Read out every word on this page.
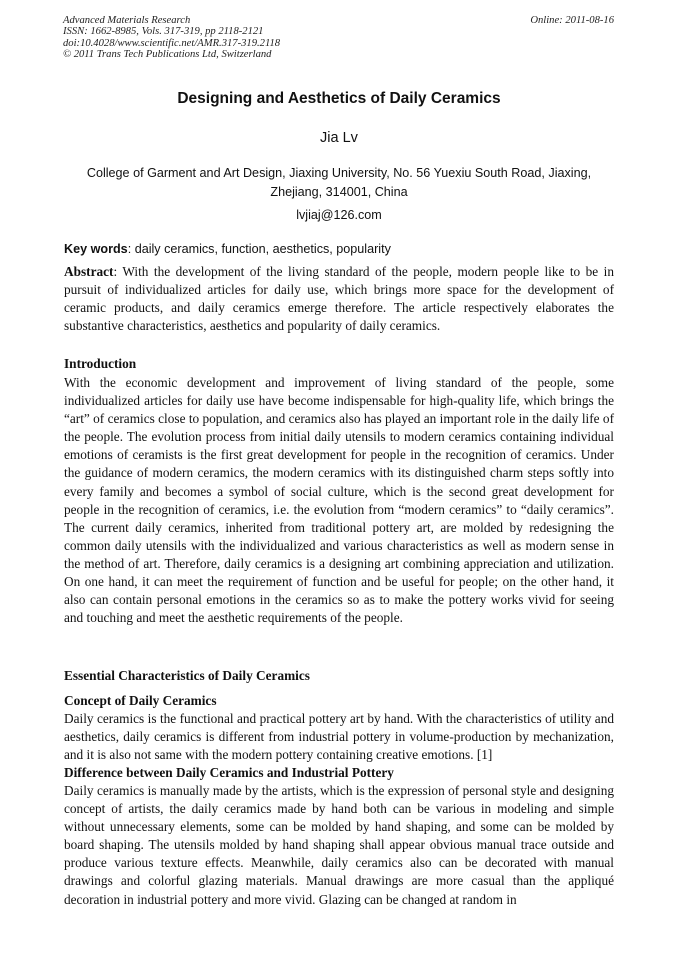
Advanced Materials Research
ISSN: 1662-8985, Vols. 317-319, pp 2118-2121
doi:10.4028/www.scientific.net/AMR.317-319.2118
© 2011 Trans Tech Publications Ltd, Switzerland
Online: 2011-08-16
Designing and Aesthetics of Daily Ceramics
Jia Lv
College of Garment and Art Design, Jiaxing University, No. 56 Yuexiu South Road, Jiaxing, Zhejiang, 314001, China
lvjiaj@126.com
Key words: daily ceramics, function, aesthetics, popularity
Abstract: With the development of the living standard of the people, modern people like to be in pursuit of individualized articles for daily use, which brings more space for the development of ceramic products, and daily ceramics emerge therefore. The article respectively elaborates the substantive characteristics, aesthetics and popularity of daily ceramics.
Introduction
With the economic development and improvement of living standard of the people, some individualized articles for daily use have become indispensable for high-quality life, which brings the “art” of ceramics close to population, and ceramics also has played an important role in the daily life of the people. The evolution process from initial daily utensils to modern ceramics containing individual emotions of ceramists is the first great development for people in the recognition of ceramics. Under the guidance of modern ceramics, the modern ceramics with its distinguished charm steps softly into every family and becomes a symbol of social culture, which is the second great development for people in the recognition of ceramics, i.e. the evolution from “modern ceramics” to “daily ceramics”. The current daily ceramics, inherited from traditional pottery art, are molded by redesigning the common daily utensils with the individualized and various characteristics as well as modern sense in the method of art. Therefore, daily ceramics is a designing art combining appreciation and utilization. On one hand, it can meet the requirement of function and be useful for people; on the other hand, it also can contain personal emotions in the ceramics so as to make the pottery works vivid for seeing and touching and meet the aesthetic requirements of the people.
Essential Characteristics of Daily Ceramics
Concept of Daily Ceramics
Daily ceramics is the functional and practical pottery art by hand. With the characteristics of utility and aesthetics, daily ceramics is different from industrial pottery in volume-production by mechanization, and it is also not same with the modern pottery containing creative emotions. [1]
Difference between Daily Ceramics and Industrial Pottery
Daily ceramics is manually made by the artists, which is the expression of personal style and designing concept of artists, the daily ceramics made by hand both can be various in modeling and simple without unnecessary elements, some can be molded by hand shaping, and some can be molded by board shaping. The utensils molded by hand shaping shall appear obvious manual trace outside and produce various texture effects. Meanwhile, daily ceramics also can be decorated with manual drawings and colorful glazing materials. Manual drawings are more casual than the appliqué decoration in industrial pottery and more vivid. Glazing can be changed at random in
